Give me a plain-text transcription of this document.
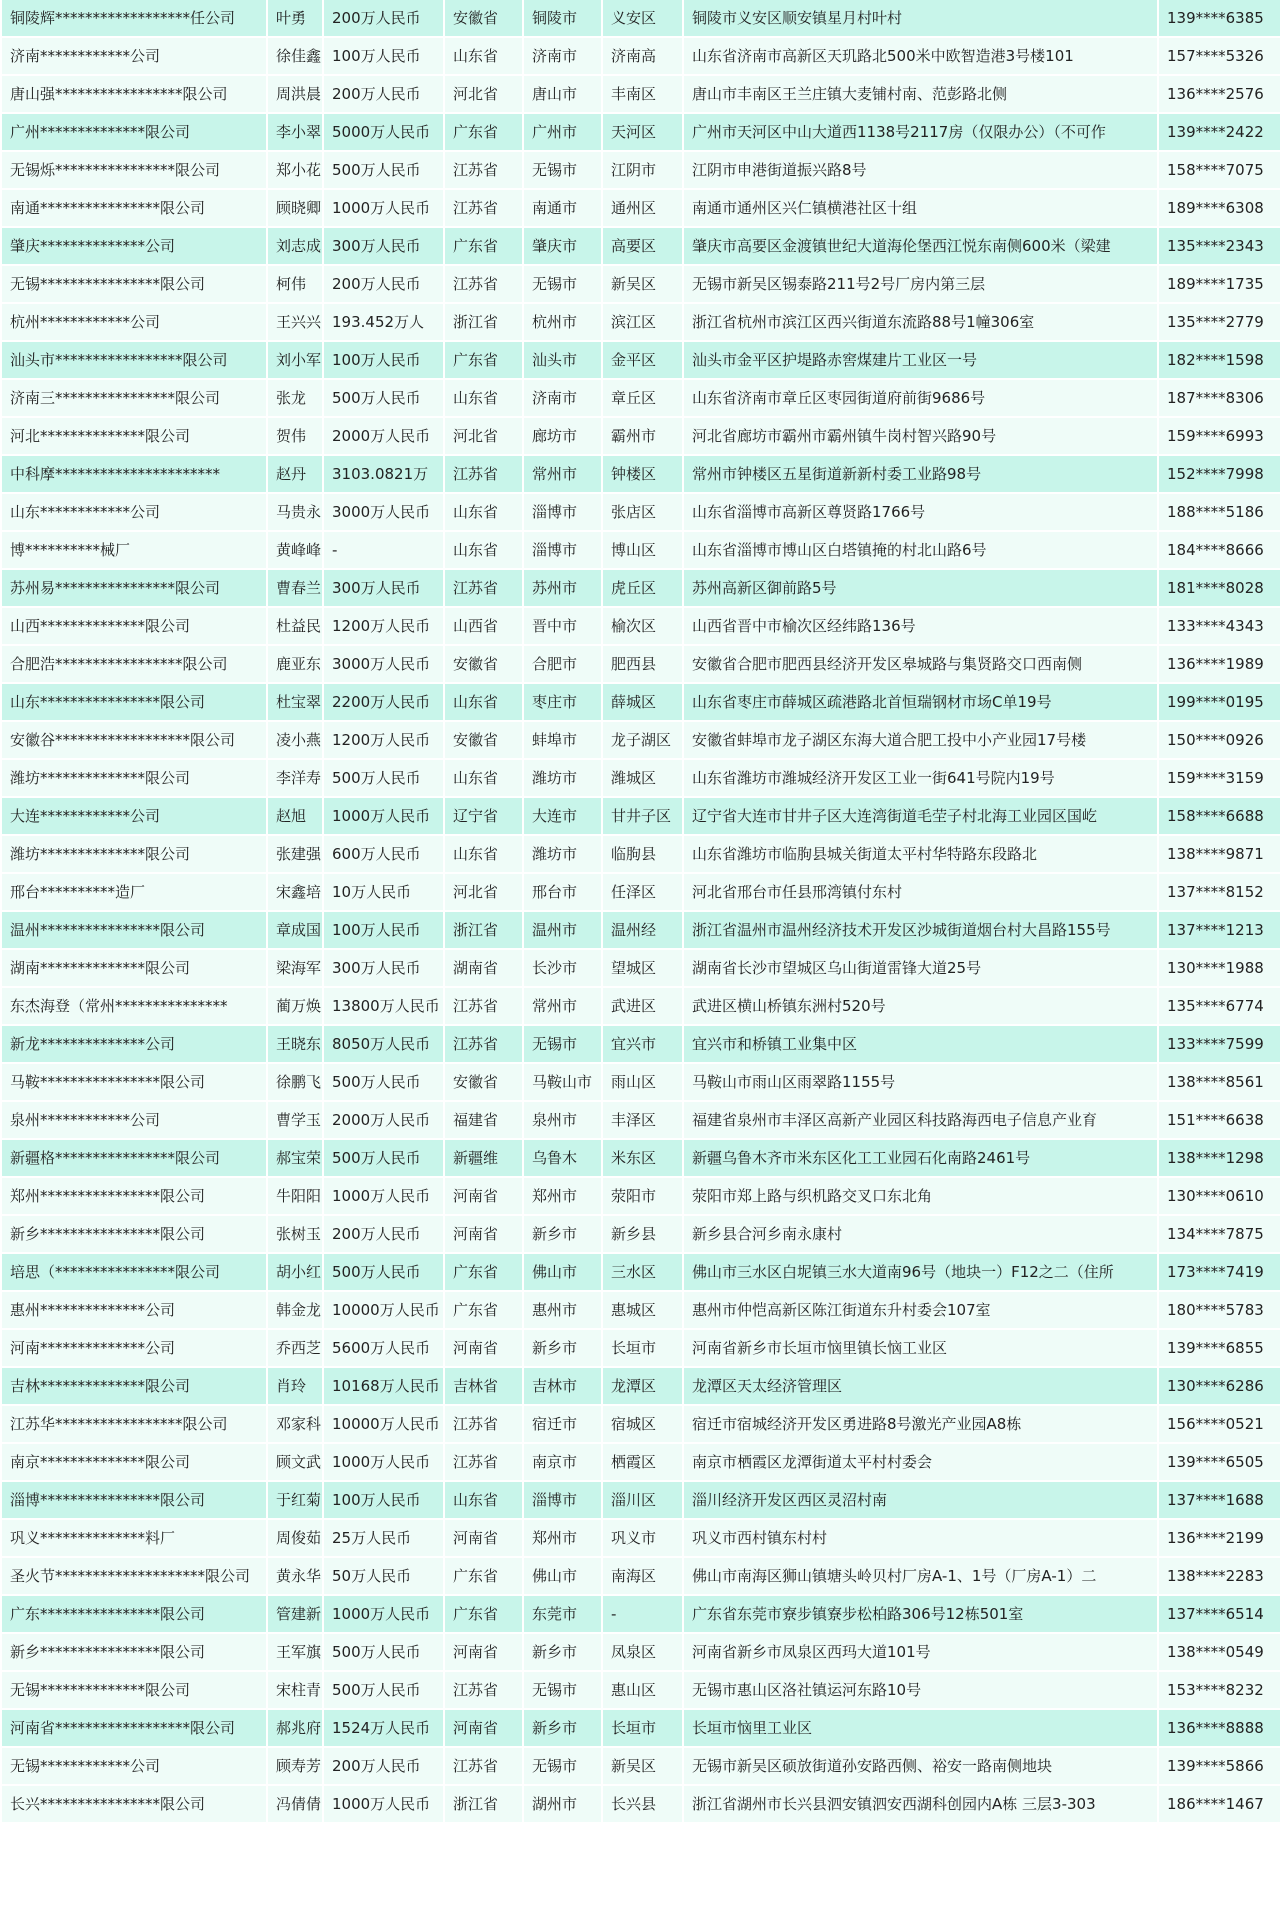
铜陵辉******************任公司	叶勇	200万人民币	安徽省	铜陵市	义安区	铜陵市义安区顺安镇星月村叶村	139****6385
济南************公司	徐佳鑫	100万人民币	山东省	济南市	济南高	山东省济南市高新区天玑路北500米中欧智造港3号楼101	157****5326
唐山强*****************限公司	周洪晨	200万人民币	河北省	唐山市	丰南区	唐山市丰南区王兰庄镇大麦铺村南、范彭路北侧	136****2576
广州**************限公司	李小翠	5000万人民币	广东省	广州市	天河区	广州市天河区中山大道西1138号2117房（仅限办公）（不可作	139****2422
无锡烁****************限公司	郑小花	500万人民币	江苏省	无锡市	江阴市	江阴市申港街道振兴路8号	158****7075
南通****************限公司	顾晓卿	1000万人民币	江苏省	南通市	通州区	南通市通州区兴仁镇横港社区十组	189****6308
肇庆**************公司	刘志成	300万人民币	广东省	肇庆市	高要区	肇庆市高要区金渡镇世纪大道海伦堡西江悦东南侧600米（梁建	135****2343
无锡****************限公司	柯伟	200万人民币	江苏省	无锡市	新吴区	无锡市新吴区锡泰路211号2号厂房内第三层	189****1735
杭州************公司	王兴兴	193.452万人	浙江省	杭州市	滨江区	浙江省杭州市滨江区西兴街道东流路88号1幢306室	135****2779
汕头市*****************限公司	刘小军	100万人民币	广东省	汕头市	金平区	汕头市金平区护堤路赤窖煤建片工业区一号	182****1598
济南三****************限公司	张龙	500万人民币	山东省	济南市	章丘区	山东省济南市章丘区枣园街道府前街9686号	187****8306
河北**************限公司	贺伟	2000万人民币	河北省	廊坊市	霸州市	河北省廊坊市霸州市霸州镇牛岗村智兴路90号	159****6993
中科摩**********************	赵丹	3103.0821万	江苏省	常州市	钟楼区	常州市钟楼区五星街道新新村委工业路98号	152****7998
山东************公司	马贵永	3000万人民币	山东省	淄博市	张店区	山东省淄博市高新区尊贤路1766号	188****5186
博**********械厂	黄峰峰	-	山东省	淄博市	博山区	山东省淄博市博山区白塔镇掩的村北山路6号	184****8666
苏州易****************限公司	曹春兰	300万人民币	江苏省	苏州市	虎丘区	苏州高新区御前路5号	181****8028
山西**************限公司	杜益民	1200万人民币	山西省	晋中市	榆次区	山西省晋中市榆次区经纬路136号	133****4343
合肥浩*****************限公司	鹿亚东	3000万人民币	安徽省	合肥市	肥西县	安徽省合肥市肥西县经济开发区皋城路与集贤路交口西南侧	136****1989
山东****************限公司	杜宝翠	2200万人民币	山东省	枣庄市	薛城区	山东省枣庄市薛城区疏港路北首恒瑞钢材市场C单19号	199****0195
安徽谷******************限公司	凌小燕	1200万人民币	安徽省	蚌埠市	龙子湖区	安徽省蚌埠市龙子湖区东海大道合肥工投中小产业园17号楼	150****0926
潍坊**************限公司	李洋寿	500万人民币	山东省	潍坊市	潍城区	山东省潍坊市潍城经济开发区工业一街641号院内19号	159****3159
大连************公司	赵旭	1000万人民币	辽宁省	大连市	甘井子区	辽宁省大连市甘井子区大连湾街道毛茔子村北海工业园区国屹	158****6688
潍坊**************限公司	张建强	600万人民币	山东省	潍坊市	临朐县	山东省潍坊市临朐县城关街道太平村华特路东段路北	138****9871
邢台**********造厂	宋鑫培	10万人民币	河北省	邢台市	任泽区	河北省邢台市任县邢湾镇付东村	137****8152
温州****************限公司	章成国	100万人民币	浙江省	温州市	温州经	浙江省温州市温州经济技术开发区沙城街道烟台村大昌路155号	137****1213
湖南**************限公司	梁海军	300万人民币	湖南省	长沙市	望城区	湖南省长沙市望城区乌山街道雷锋大道25号	130****1988
东杰海登（常州***************	蔺万焕	13800万人民币	江苏省	常州市	武进区	武进区横山桥镇东洲村520号	135****6774
新龙**************公司	王晓东	8050万人民币	江苏省	无锡市	宜兴市	宜兴市和桥镇工业集中区	133****7599
马鞍****************限公司	徐鹏飞	500万人民币	安徽省	马鞍山市	雨山区	马鞍山市雨山区雨翠路1155号	138****8561
泉州************公司	曹学玉	2000万人民币	福建省	泉州市	丰泽区	福建省泉州市丰泽区高新产业园区科技路海西电子信息产业育	151****6638
新疆格****************限公司	郝宝荣	500万人民币	新疆维	乌鲁木	米东区	新疆乌鲁木齐市米东区化工工业园石化南路2461号	138****1298
郑州****************限公司	牛阳阳	1000万人民币	河南省	郑州市	荥阳市	荥阳市郑上路与织机路交叉口东北角	130****0610
新乡****************限公司	张树玉	200万人民币	河南省	新乡市	新乡县	新乡县合河乡南永康村	134****7875
培思（****************限公司	胡小红	500万人民币	广东省	佛山市	三水区	佛山市三水区白坭镇三水大道南96号（地块一）F12之二（住所	173****7419
惠州**************公司	韩金龙	10000万人民币	广东省	惠州市	惠城区	惠州市仲恺高新区陈江街道东升村委会107室	180****5783
河南**************公司	乔西芝	5600万人民币	河南省	新乡市	长垣市	河南省新乡市长垣市恼里镇长恼工业区	139****6855
吉林**************限公司	肖玲	10168万人民币	吉林省	吉林市	龙潭区	龙潭区天太经济管理区	130****6286
江苏华*****************限公司	邓家科	10000万人民币	江苏省	宿迁市	宿城区	宿迁市宿城经济开发区勇进路8号激光产业园A8栋	156****0521
南京**************限公司	顾文武	1000万人民币	江苏省	南京市	栖霞区	南京市栖霞区龙潭街道太平村村委会	139****6505
淄博****************限公司	于红菊	100万人民币	山东省	淄博市	淄川区	淄川经济开发区西区灵沼村南	137****1688
巩义**************料厂	周俊茹	25万人民币	河南省	郑州市	巩义市	巩义市西村镇东村村	136****2199
圣火节********************限公司	黄永华	50万人民币	广东省	佛山市	南海区	佛山市南海区狮山镇塘头岭贝村厂房A-1、1号（厂房A-1）二	138****2283
广东****************限公司	管建新	1000万人民币	广东省	东莞市	-	广东省东莞市寮步镇寮步松柏路306号12栋501室	137****6514
新乡****************限公司	王军旗	500万人民币	河南省	新乡市	凤泉区	河南省新乡市凤泉区西玛大道101号	138****0549
无锡**************限公司	宋柱青	500万人民币	江苏省	无锡市	惠山区	无锡市惠山区洛社镇运河东路10号	153****8232
河南省******************限公司	郝兆府	1524万人民币	河南省	新乡市	长垣市	长垣市恼里工业区	136****8888
无锡************公司	顾寿芳	200万人民币	江苏省	无锡市	新吴区	无锡市新吴区硕放街道孙安路西侧、裕安一路南侧地块	139****5866
长兴****************限公司	冯倩倩	1000万人民币	浙江省	湖州市	长兴县	浙江省湖州市长兴县泗安镇泗安西湖科创园内A栋 三层3-303	186****1467
